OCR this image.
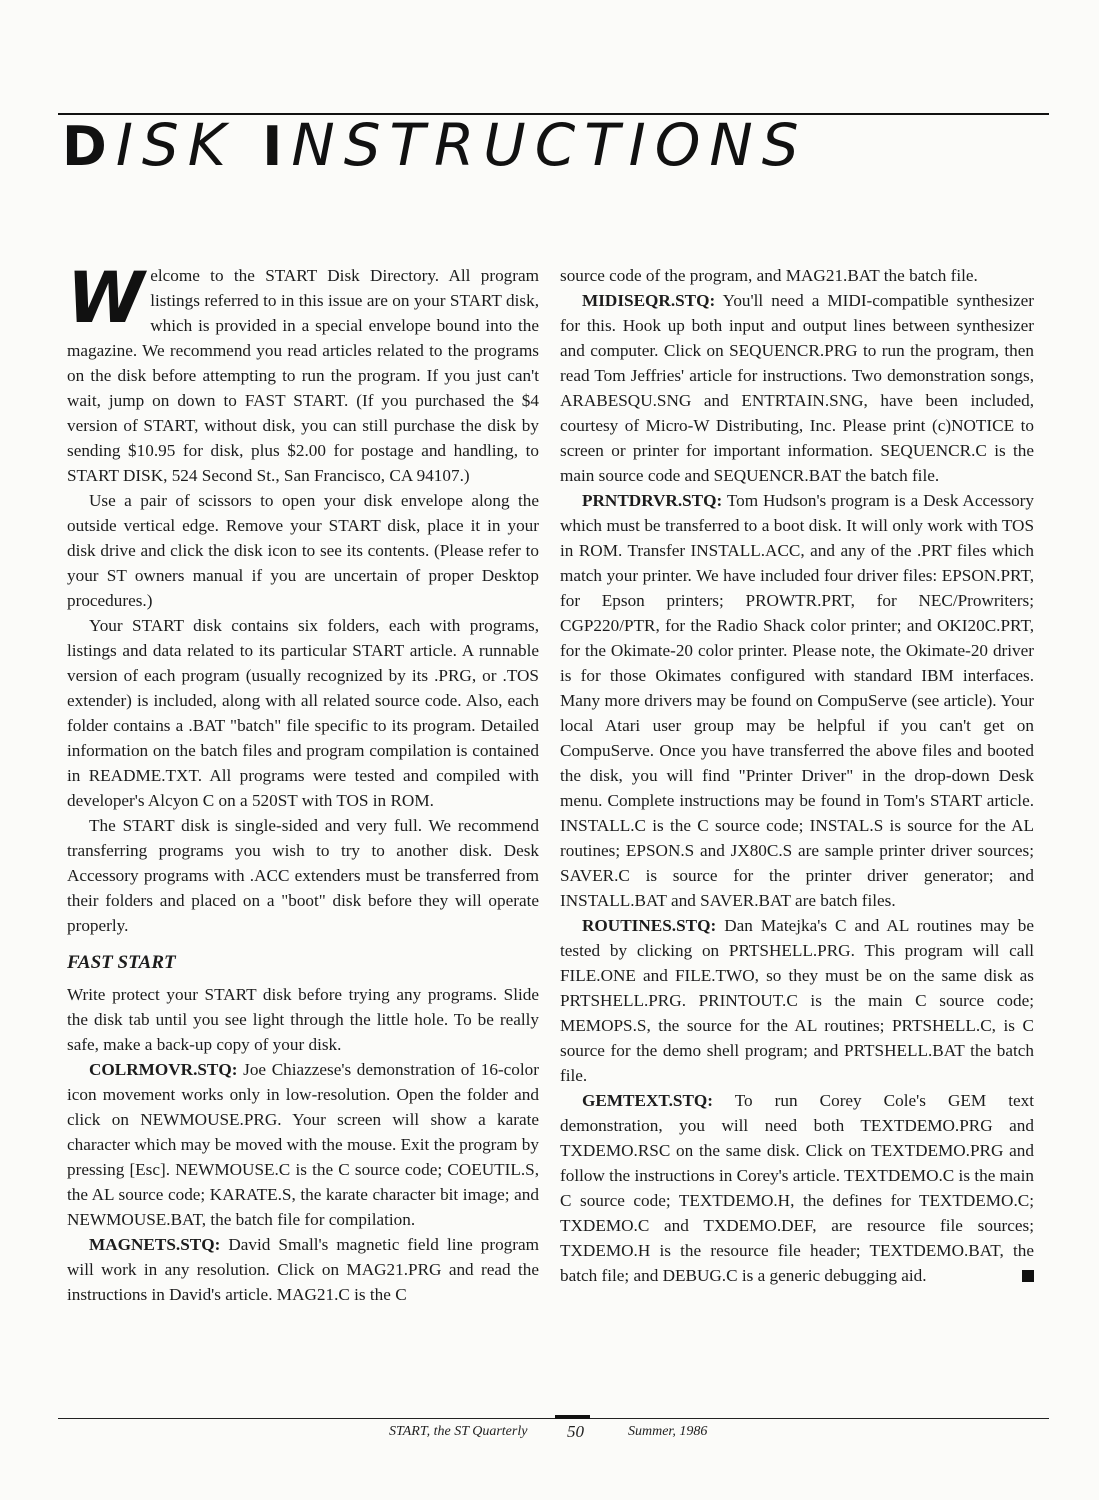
DISK INSTRUCTIONS

Welcome to the START Disk Directory. All program listings referred to in this issue are on your START disk, which is provided in a special envelope bound into the magazine. We recommend you read articles related to the programs on the disk before attempting to run the program. If you just can't wait, jump on down to FAST START. (If you purchased the $4 version of START, without disk, you can still purchase the disk by sending $10.95 for disk, plus $2.00 for postage and handling, to START DISK, 524 Second St., San Francisco, CA 94107.)

Use a pair of scissors to open your disk envelope along the outside vertical edge. Remove your START disk, place it in your disk drive and click the disk icon to see its contents. (Please refer to your ST owners manual if you are uncertain of proper Desktop procedures.)

Your START disk contains six folders, each with programs, listings and data related to its particular START article. A runnable version of each program (usually recognized by its .PRG, or .TOS extender) is included, along with all related source code. Also, each folder contains a .BAT "batch" file specific to its program. Detailed information on the batch files and program compilation is contained in README.TXT. All programs were tested and compiled with developer's Alcyon C on a 520ST with TOS in ROM.

The START disk is single-sided and very full. We recommend transferring programs you wish to try to another disk. Desk Accessory programs with .ACC extenders must be transferred from their folders and placed on a "boot" disk before they will operate properly.

FAST START

Write protect your START disk before trying any programs. Slide the disk tab until you see light through the little hole. To be really safe, make a back-up copy of your disk.

COLRMOVR.STQ: Joe Chiazzese's demonstration of 16-color icon movement works only in low-resolution. Open the folder and click on NEWMOUSE.PRG. Your screen will show a karate character which may be moved with the mouse. Exit the program by pressing [Esc]. NEWMOUSE.C is the C source code; COEUTIL.S, the AL source code; KARATE.S, the karate character bit image; and NEWMOUSE.BAT, the batch file for compilation.

MAGNETS.STQ: David Small's magnetic field line program will work in any resolution. Click on MAG21.PRG and read the instructions in David's article. MAG21.C is the C

source code of the program, and MAG21.BAT the batch file.

MIDISEQR.STQ: You'll need a MIDI-compatible synthesizer for this. Hook up both input and output lines between synthesizer and computer. Click on SEQUENCR.PRG to run the program, then read Tom Jeffries' article for instructions. Two demonstration songs, ARABESQU.SNG and ENTRTAIN.SNG, have been included, courtesy of Micro-W Distributing, Inc. Please print (c)NOTICE to screen or printer for important information. SEQUENCR.C is the main source code and SEQUENCR.BAT the batch file.

PRNTDRVR.STQ: Tom Hudson's program is a Desk Accessory which must be transferred to a boot disk. It will only work with TOS in ROM. Transfer INSTALL.ACC, and any of the .PRT files which match your printer. We have included four driver files: EPSON.PRT, for Epson printers; PROWTR.PRT, for NEC/Prowriters; CGP220/PTR, for the Radio Shack color printer; and OKI20C.PRT, for the Okimate-20 color printer. Please note, the Okimate-20 driver is for those Okimates configured with standard IBM interfaces. Many more drivers may be found on CompuServe (see article). Your local Atari user group may be helpful if you can't get on CompuServe. Once you have transferred the above files and booted the disk, you will find "Printer Driver" in the drop-down Desk menu. Complete instructions may be found in Tom's START article. INSTALL.C is the C source code; INSTAL.S is source for the AL routines; EPSON.S and JX80C.S are sample printer driver sources; SAVER.C is source for the printer driver generator; and INSTALL.BAT and SAVER.BAT are batch files.

ROUTINES.STQ: Dan Matejka's C and AL routines may be tested by clicking on PRTSHELL.PRG. This program will call FILE.ONE and FILE.TWO, so they must be on the same disk as PRTSHELL.PRG. PRINTOUT.C is the main C source code; MEMOPS.S, the source for the AL routines; PRTSHELL.C, is C source for the demo shell program; and PRTSHELL.BAT the batch file.

GEMTEXT.STQ: To run Corey Cole's GEM text demonstration, you will need both TEXTDEMO.PRG and TXDEMO.RSC on the same disk. Click on TEXTDEMO.PRG and follow the instructions in Corey's article. TEXTDEMO.C is the main C source code; TEXTDEMO.H, the defines for TEXTDEMO.C; TXDEMO.C and TXDEMO.DEF, are resource file sources; TXDEMO.H is the resource file header; TEXTDEMO.BAT, the batch file; and DEBUG.C is a generic debugging aid.

START, the ST Quarterly 50	Summer, 1986
